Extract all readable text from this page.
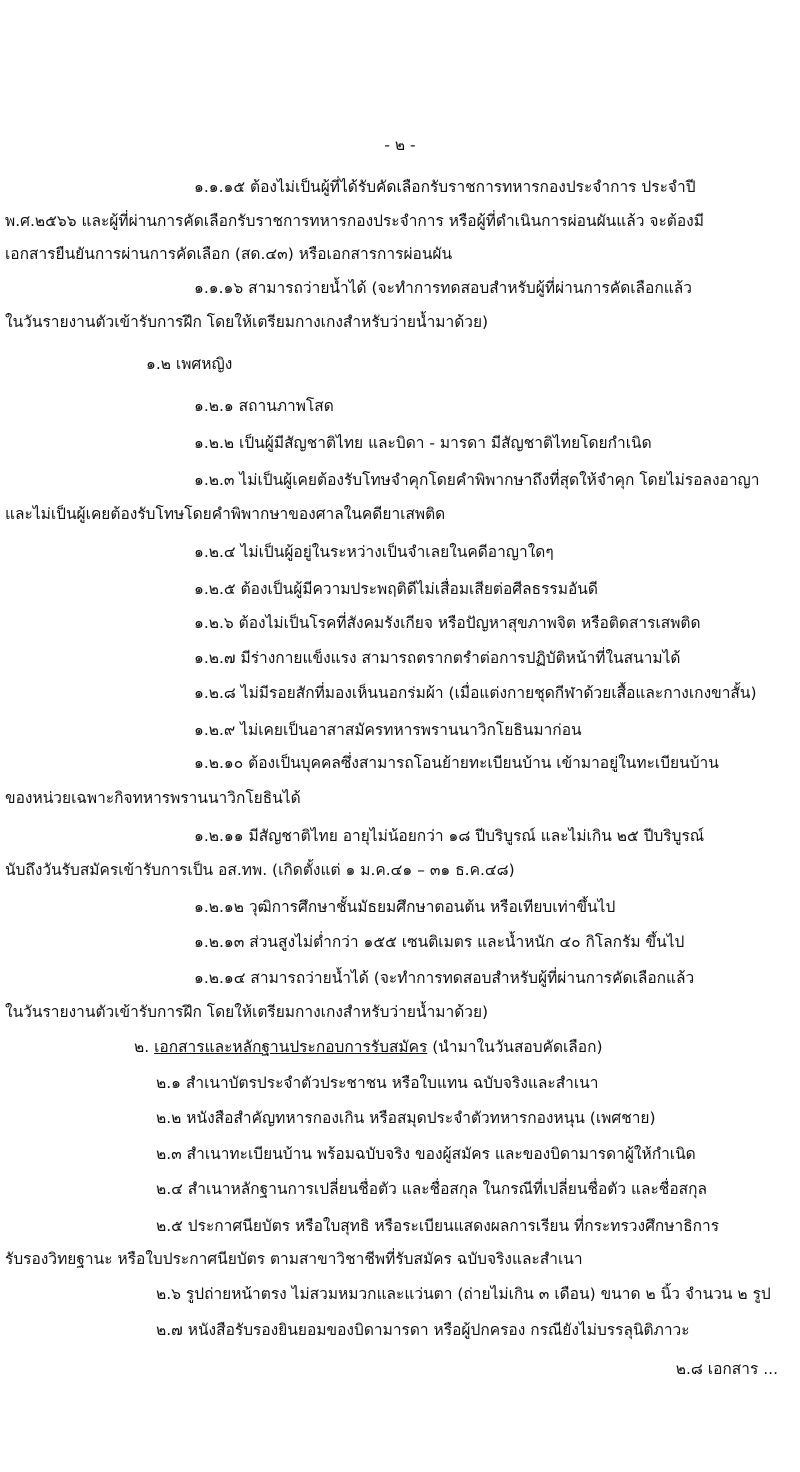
- ๒ -
๑.๑.๑๕ ต้องไม่เป็นผู้ที่ได้รับคัดเลือกรับราชการทหารกองประจำการ ประจำปี
พ.ศ.๒๕๖๖ และผู้ที่ผ่านการคัดเลือกรับราชการทหารกองประจำการ หรือผู้ที่ดำเนินการผ่อนผันแล้ว จะต้องมี
เอกสารยืนยันการผ่านการคัดเลือก (สด.๔๓) หรือเอกสารการผ่อนผัน
๑.๑.๑๖ สามารถว่ายน้ำได้ (จะทำการทดสอบสำหรับผู้ที่ผ่านการคัดเลือกแล้ว
ในวันรายงานตัวเข้ารับการฝึก โดยให้เตรียมกางเกงสำหรับว่ายน้ำมาด้วย)
๑.๒ เพศหญิง
๑.๒.๑ สถานภาพโสด
๑.๒.๒ เป็นผู้มีสัญชาติไทย และบิดา - มารดา มีสัญชาติไทยโดยกำเนิด
๑.๒.๓ ไม่เป็นผู้เคยต้องรับโทษจำคุกโดยคำพิพากษาถึงที่สุดให้จำคุก โดยไม่รอลงอาญา
และไม่เป็นผู้เคยต้องรับโทษโดยคำพิพากษาของศาลในคดียาเสพติด
๑.๒.๔ ไม่เป็นผู้อยู่ในระหว่างเป็นจำเลยในคดีอาญาใดๆ
๑.๒.๕ ต้องเป็นผู้มีความประพฤติดีไม่เสื่อมเสียต่อศีลธรรมอันดี
๑.๒.๖ ต้องไม่เป็นโรคที่สังคมรังเกียจ หรือปัญหาสุขภาพจิต หรือติดสารเสพติด
๑.๒.๗ มีร่างกายแข็งแรง สามารถตรากตรำต่อการปฏิบัติหน้าที่ในสนามได้
๑.๒.๘ ไม่มีรอยสักที่มองเห็นนอกร่มผ้า (เมื่อแต่งกายชุดกีฬาด้วยเสื้อและกางเกงขาสั้น)
๑.๒.๙ ไม่เคยเป็นอาสาสมัครทหารพรานนาวิกโยธินมาก่อน
๑.๒.๑๐ ต้องเป็นบุคคลซึ่งสามารถโอนย้ายทะเบียนบ้าน เข้ามาอยู่ในทะเบียนบ้าน
ของหน่วยเฉพาะกิจทหารพรานนาวิกโยธินได้
๑.๒.๑๑ มีสัญชาติไทย อายุไม่น้อยกว่า ๑๘ ปีบริบูรณ์ และไม่เกิน ๒๕ ปีบริบูรณ์
นับถึงวันรับสมัครเข้ารับการเป็น อส.ทพ. (เกิดตั้งแต่ ๑ ม.ค.๔๑ – ๓๑ ธ.ค.๔๘)
๑.๒.๑๒ วุฒิการศึกษาชั้นมัธยมศึกษาตอนต้น หรือเทียบเท่าขึ้นไป
๑.๒.๑๓ ส่วนสูงไม่ต่ำกว่า ๑๕๕ เซนติเมตร และน้ำหนัก ๔๐ กิโลกรัม ขึ้นไป
๑.๒.๑๔ สามารถว่ายน้ำได้ (จะทำการทดสอบสำหรับผู้ที่ผ่านการคัดเลือกแล้ว
ในวันรายงานตัวเข้ารับการฝึก โดยให้เตรียมกางเกงสำหรับว่ายน้ำมาด้วย)
๒. เอกสารและหลักฐานประกอบการรับสมัคร (นำมาในวันสอบคัดเลือก)
๒.๑ สำเนาบัตรประจำตัวประชาชน หรือใบแทน ฉบับจริงและสำเนา
๒.๒ หนังสือสำคัญทหารกองเกิน หรือสมุดประจำตัวทหารกองหนุน (เพศชาย)
๒.๓ สำเนาทะเบียนบ้าน พร้อมฉบับจริง ของผู้สมัคร และของบิดามารดาผู้ให้กำเนิด
๒.๔ สำเนาหลักฐานการเปลี่ยนชื่อตัว และชื่อสกุล ในกรณีที่เปลี่ยนชื่อตัว และชื่อสกุล
๒.๕ ประกาศนียบัตร หรือใบสุทธิ หรือระเบียนแสดงผลการเรียน ที่กระทรวงศึกษาธิการ
รับรองวิทยฐานะ หรือใบประกาศนียบัตร ตามสาขาวิชาชีพที่รับสมัคร ฉบับจริงและสำเนา
๒.๖ รูปถ่ายหน้าตรง ไม่สวมหมวกและแว่นตา (ถ่ายไม่เกิน ๓ เดือน) ขนาด ๒ นิ้ว จำนวน ๒ รูป
๒.๗ หนังสือรับรองยินยอมของบิดามารดา หรือผู้ปกครอง กรณียังไม่บรรลุนิติภาวะ
๒.๘ เอกสาร ...
